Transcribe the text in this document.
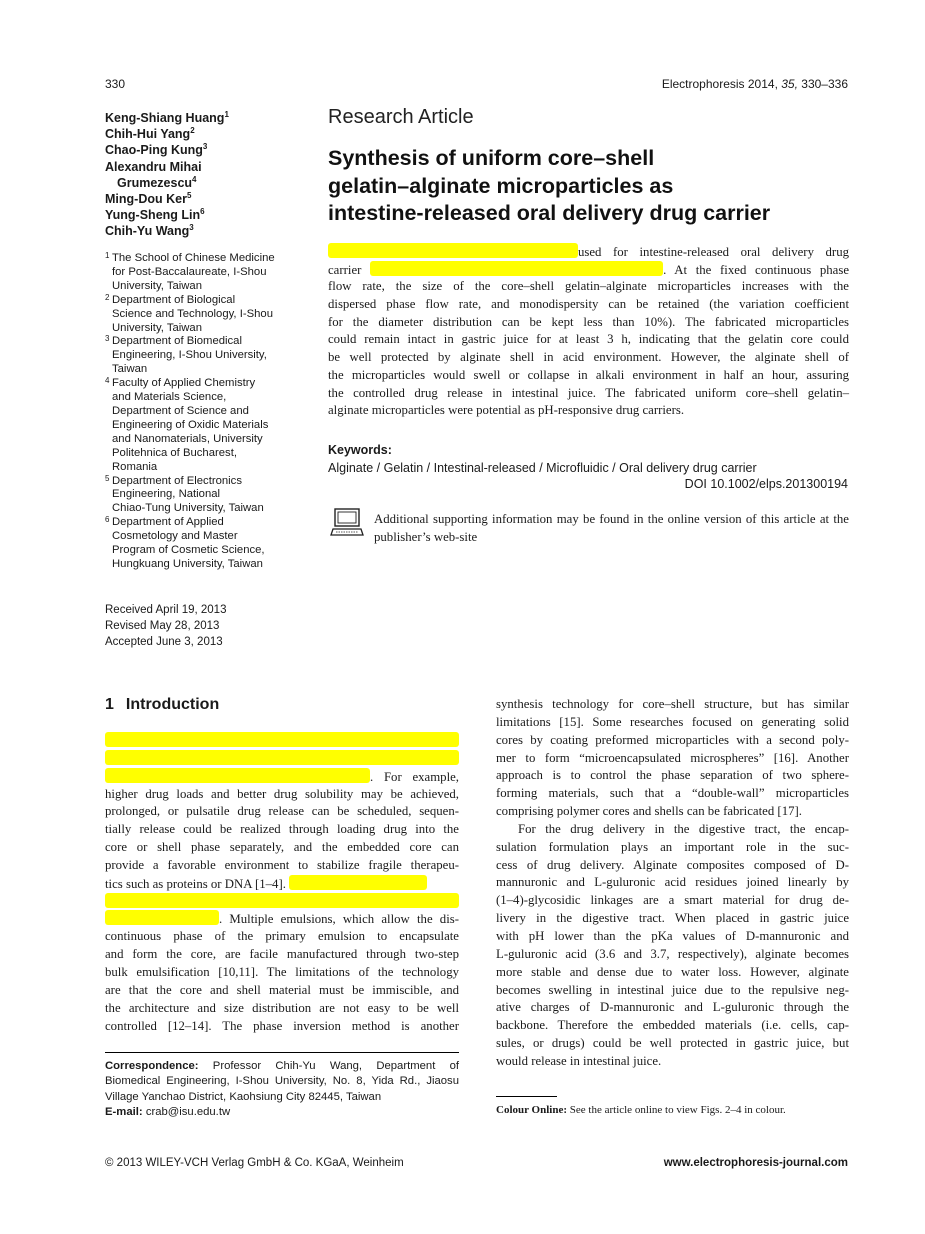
330	Electrophoresis 2014, 35, 330–336
Keng-Shiang Huang$^1$
Chih-Hui Yang$^2$
Chao-Ping Kung$^3$
Alexandru Mihai
Grumezescu$^4$
Ming-Dou Ker$^5$
Yung-Sheng Lin$^6$
Chih-Yu Wang$^3$
1 The School of Chinese Medicine
for Post-Baccalaureate, I-Shou
University, Taiwan
2 Department of Biological
Science and Technology, I-Shou
University, Taiwan
3 Department of Biomedical
Engineering, I-Shou University,
Taiwan
4 Faculty of Applied Chemistry
and Materials Science,
Department of Science and
Engineering of Oxidic Materials
and Nanomaterials, University
Politehnica of Bucharest,
Romania
5 Department of Electronics
Engineering, National
Chiao-Tung University, Taiwan
6 Department of Applied
Cosmetology and Master
Program of Cosmetic Science,
Hungkuang University, Taiwan
Received April 19, 2013
Revised May 28, 2013
Accepted June 3, 2013
Research Article
Synthesis of uniform core–shell
gelatin–alginate microparticles as
intestine-released oral delivery drug carrier
used for intestine-released oral delivery drug
carrier	. At the fixed continuous phase
flow rate, the size of the core–shell gelatin–alginate microparticles increases with the
dispersed phase flow rate, and monodispersity can be retained (the variation coefficient
for the diameter distribution can be kept less than 10%). The fabricated microparticles
could remain intact in gastric juice for at least 3 h, indicating that the gelatin core could
be well protected by alginate shell in acid environment. However, the alginate shell of
the microparticles would swell or collapse in alkali environment in half an hour, assuring
the controlled drug release in intestinal juice. The fabricated uniform core–shell gelatin–
alginate microparticles were potential as pH-responsive drug carriers.
Keywords:
Alginate / Gelatin / Intestinal-released / Microfluidic / Oral delivery drug carrier
DOI 10.1002/elps.201300194
Additional supporting information may be found in the online version of this article at the publisher’s web-site
1 Introduction
. For example,
higher drug loads and better drug solubility may be achieved,
prolonged, or pulsatile drug release can be scheduled, sequen-
tially release could be realized through loading drug into the
core or shell phase separately, and the embedded core can
provide a favorable environment to stabilize fragile therapeu-
tics such as proteins or DNA [1–4].
. Multiple emulsions, which allow the dis-
continuous phase of the primary emulsion to encapsulate
and form the core, are facile manufactured through two-step
bulk emulsification [10,11]. The limitations of the technology
are that the core and shell material must be immiscible, and
the architecture and size distribution are not easy to be well
controlled [12–14]. The phase inversion method is another
synthesis technology for core–shell structure, but has similar
limitations [15]. Some researches focused on generating solid
cores by coating preformed microparticles with a second poly-
mer to form “microencapsulated microspheres” [16]. Another
approach is to control the phase separation of two sphere-
forming materials, such that a “double-wall” microparticles
comprising polymer cores and shells can be fabricated [17].
For the drug delivery in the digestive tract, the encap-
sulation formulation plays an important role in the suc-
cess of drug delivery. Alginate composites composed of D-
mannuronic and L-guluronic acid residues joined linearly by
(1–4)-glycosidic linkages are a smart material for drug de-
livery in the digestive tract. When placed in gastric juice
with pH lower than the pKa values of D-mannuronic and
L-guluronic acid (3.6 and 3.7, respectively), alginate becomes
more stable and dense due to water loss. However, alginate
becomes swelling in intestinal juice due to the repulsive neg-
ative charges of D-mannuronic and L-guluronic through the
backbone. Therefore the embedded materials (i.e. cells, cap-
sules, or drugs) could be well protected in gastric juice, but
would release in intestinal juice.
Correspondence: Professor Chih-Yu Wang, Department of Biomedical Engineering, I-Shou University, No. 8, Yida Rd., Jiaosu Village Yanchao District, Kaohsiung City 82445, Taiwan
E-mail: crab@isu.edu.tw	Colour Online: See the article online to view Figs. 2–4 in colour.
© 2013 WILEY-VCH Verlag GmbH & Co. KGaA, Weinheim	www.electrophoresis-journal.com
